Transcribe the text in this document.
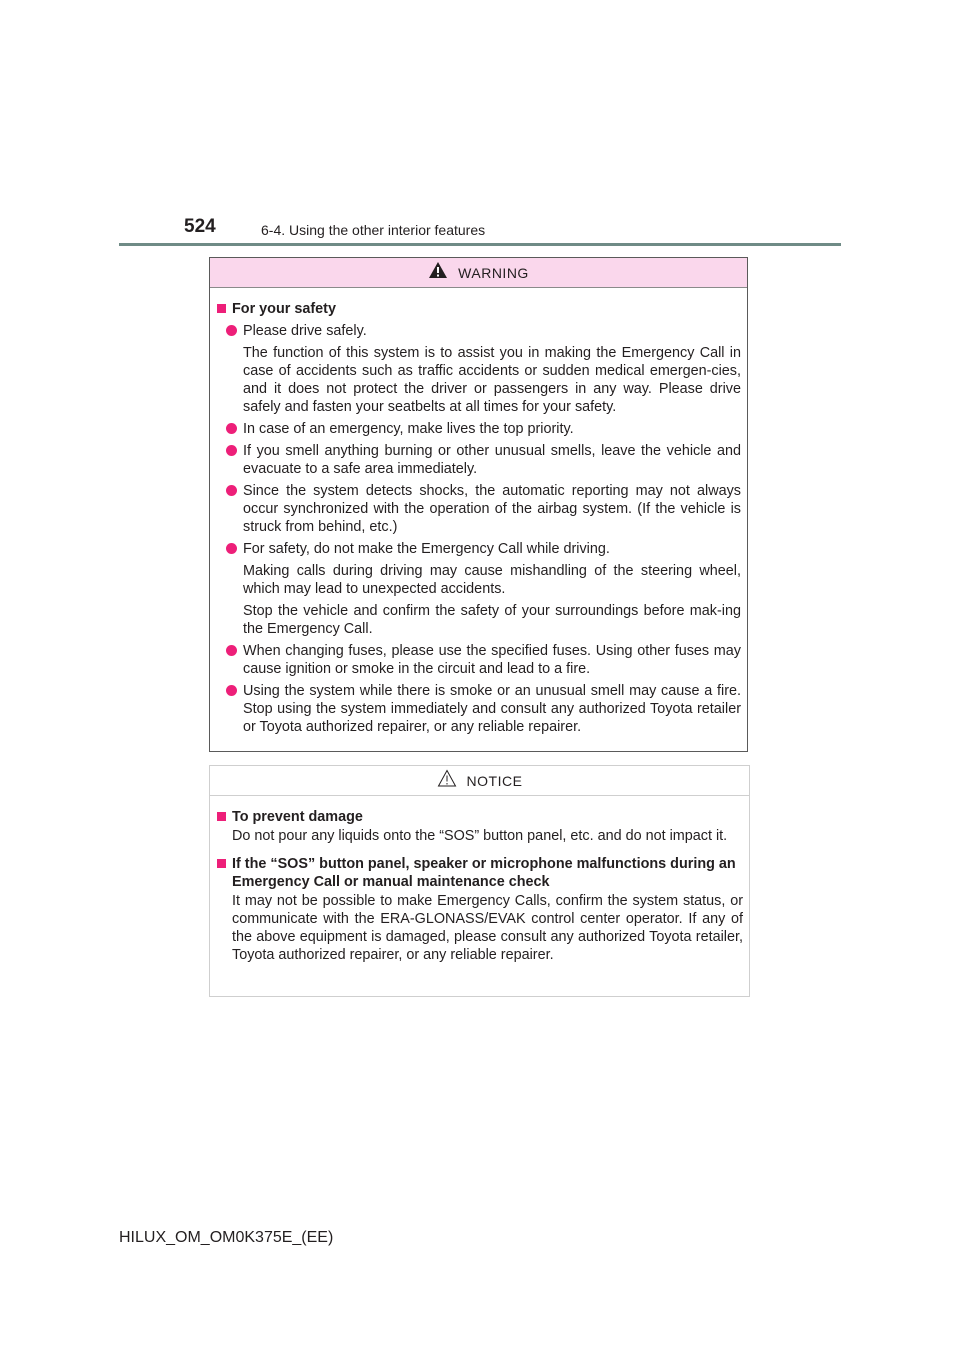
524	6-4. Using the other interior features
WARNING
For your safety
Please drive safely.
The function of this system is to assist you in making the Emergency Call in case of accidents such as traffic accidents or sudden medical emergen-cies, and it does not protect the driver or passengers in any way. Please drive safely and fasten your seatbelts at all times for your safety.
In case of an emergency, make lives the top priority.
If you smell anything burning or other unusual smells, leave the vehicle and evacuate to a safe area immediately.
Since the system detects shocks, the automatic reporting may not always occur synchronized with the operation of the airbag system. (If the vehicle is struck from behind, etc.)
For safety, do not make the Emergency Call while driving.
Making calls during driving may cause mishandling of the steering wheel, which may lead to unexpected accidents.
Stop the vehicle and confirm the safety of your surroundings before mak-ing the Emergency Call.
When changing fuses, please use the specified fuses. Using other fuses may cause ignition or smoke in the circuit and lead to a fire.
Using the system while there is smoke or an unusual smell may cause a fire. Stop using the system immediately and consult any authorized Toyota retailer or Toyota authorized repairer, or any reliable repairer.
NOTICE
To prevent damage
Do not pour any liquids onto the “SOS” button panel, etc. and do not impact it.
If the “SOS” button panel, speaker or microphone malfunctions during an Emergency Call or manual maintenance check
It may not be possible to make Emergency Calls, confirm the system status, or communicate with the ERA-GLONASS/EVAK control center operator. If any of the above equipment is damaged, please consult any authorized Toyota retailer, Toyota authorized repairer, or any reliable repairer.
HILUX_OM_OM0K375E_(EE)
